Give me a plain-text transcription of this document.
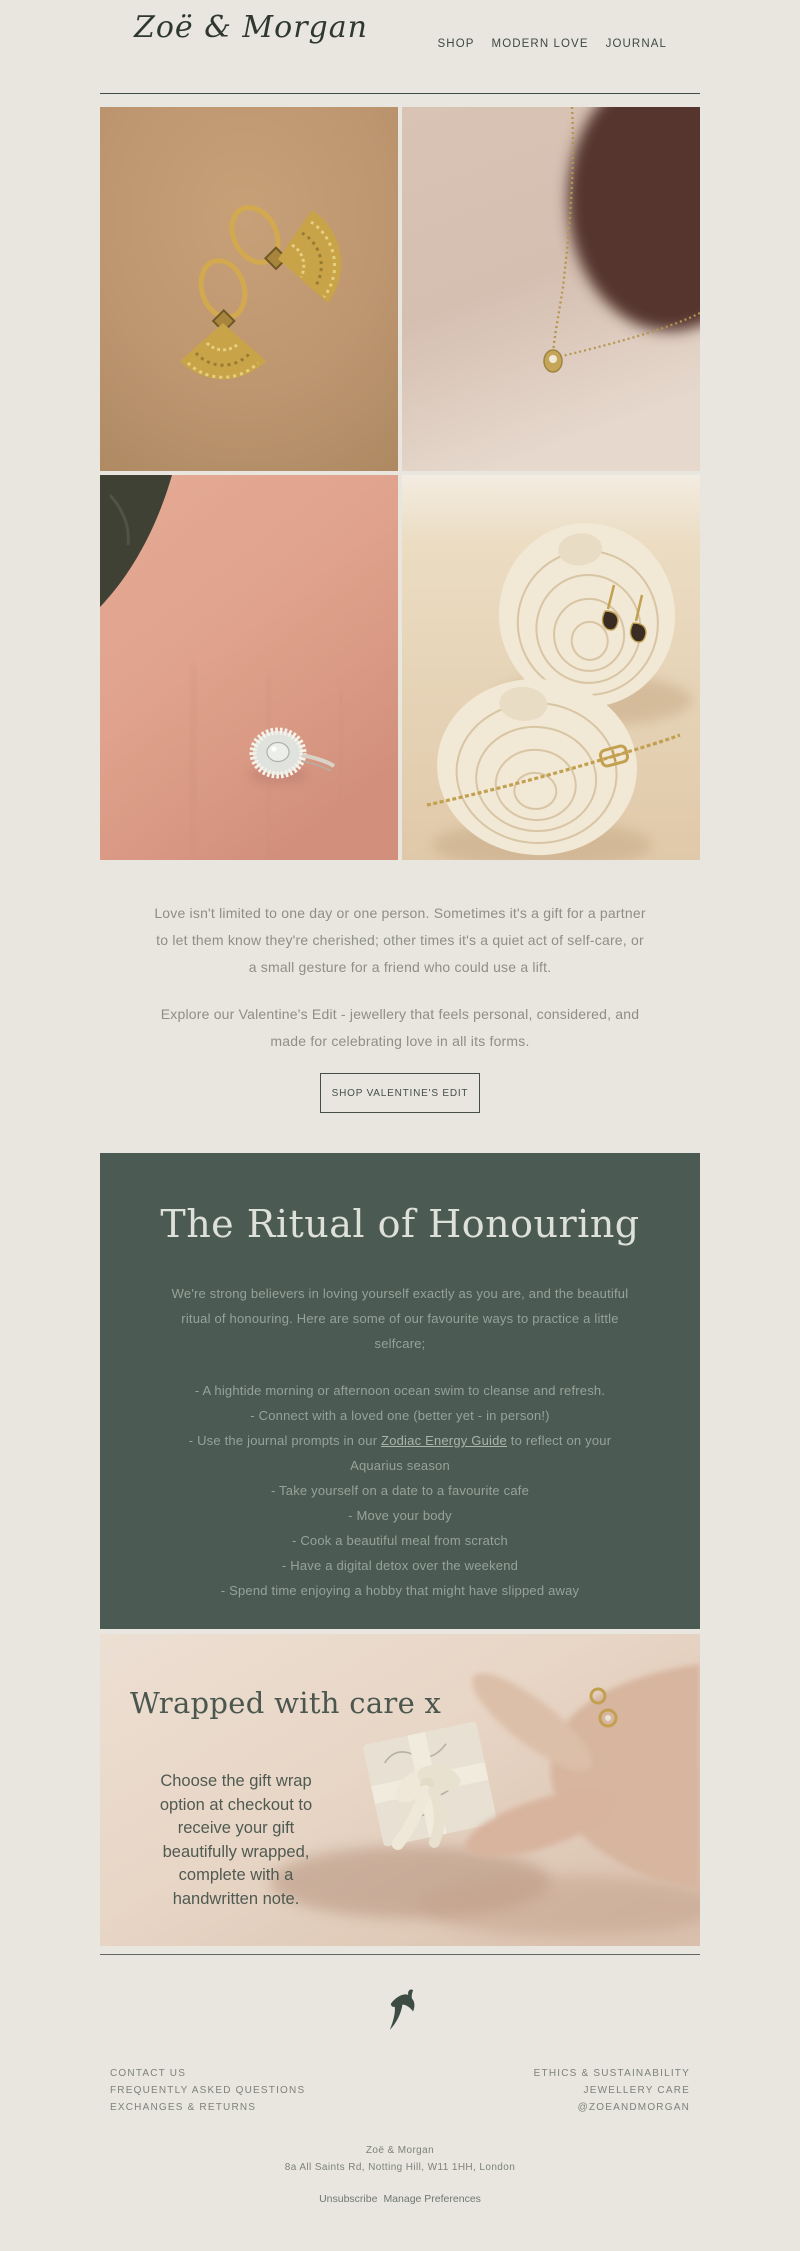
Zoë & Morgan	SHOP MODERN LOVE JOURNAL
Love isn't limited to one day or one person. Sometimes it's a gift for a partner
to let them know they're cherished; other times it's a quiet act of self-care, or
a small gesture for a friend who could use a lift.
Explore our Valentine's Edit - jewellery that feels personal, considered, and
made for celebrating love in all its forms.
SHOP VALENTINE'S EDIT
The Ritual of Honouring
We're strong believers in loving yourself exactly as you are, and the beautiful
ritual of honouring. Here are some of our favourite ways to practice a little
selfcare;
- A hightide morning or afternoon ocean swim to cleanse and refresh.
- Connect with a loved one (better yet - in person!)
- Use the journal prompts in our Zodiac Energy Guide to reflect on your
Aquarius season
- Take yourself on a date to a favourite cafe
- Move your body
- Cook a beautiful meal from scratch
- Have a digital detox over the weekend
- Spend time enjoying a hobby that might have slipped away
Wrapped with care x
Choose the gift wrap
option at checkout to
receive your gift
beautifully wrapped,
complete with a
handwritten note.
CONTACT US
FREQUENTLY ASKED QUESTIONS
EXCHANGES & RETURNS
ETHICS & SUSTAINABILITY
JEWELLERY CARE
@ZOEANDMORGAN
Zoë & Morgan
8a All Saints Rd, Notting Hill, W11 1HH, London
Unsubscribe Manage Preferences
